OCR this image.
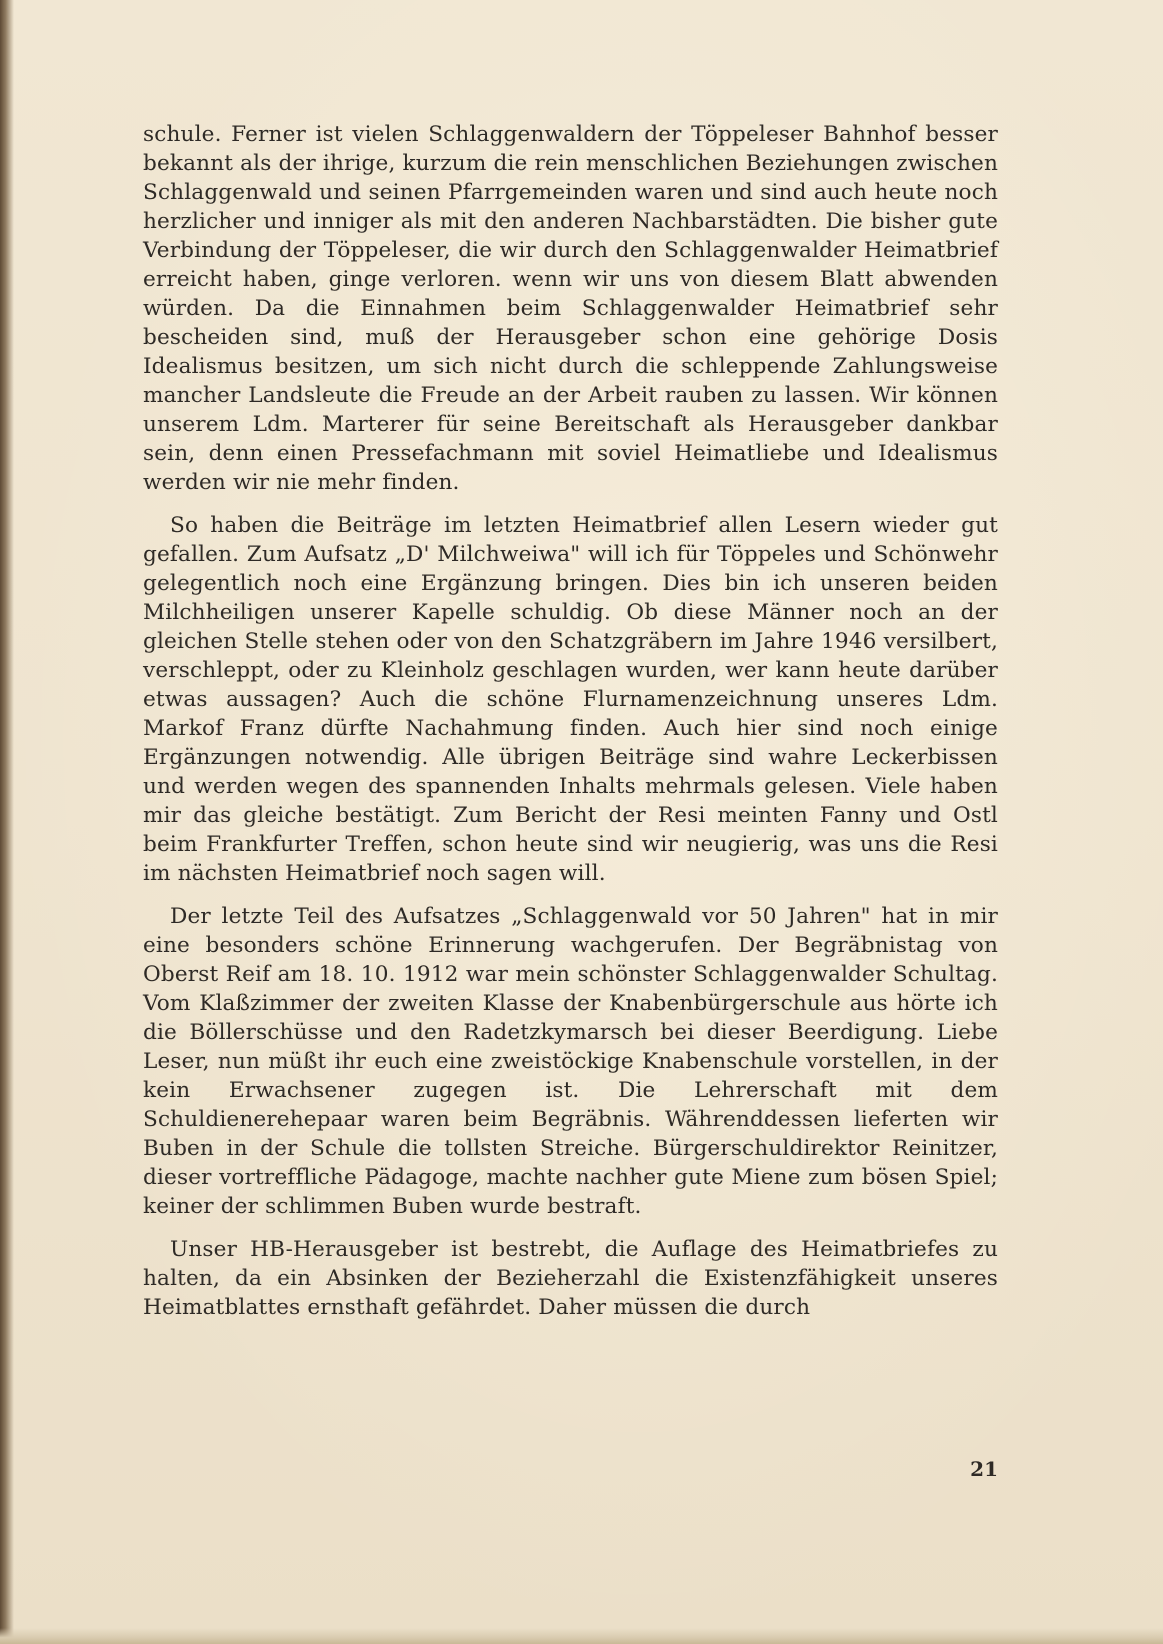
schule. Ferner ist vielen Schlaggenwaldern der Töppeleser Bahnhof besser bekannt als der ihrige, kurzum die rein menschlichen Beziehungen zwischen Schlaggenwald und seinen Pfarrgemeinden waren und sind auch heute noch herzlicher und inniger als mit den anderen Nachbarstädten. Die bisher gute Verbindung der Töppeleser, die wir durch den Schlaggenwalder Heimatbrief erreicht haben, ginge verloren. wenn wir uns von diesem Blatt abwenden würden. Da die Einnahmen beim Schlaggenwalder Heimatbrief sehr bescheiden sind, muß der Herausgeber schon eine gehörige Dosis Idealismus besitzen, um sich nicht durch die schleppende Zahlungsweise mancher Landsleute die Freude an der Arbeit rauben zu lassen. Wir können unserem Ldm. Marterer für seine Bereitschaft als Herausgeber dankbar sein, denn einen Pressefachmann mit soviel Heimatliebe und Idealismus werden wir nie mehr finden.

So haben die Beiträge im letzten Heimatbrief allen Lesern wieder gut gefallen. Zum Aufsatz „D' Milchweiwa" will ich für Töppeles und Schönwehr gelegentlich noch eine Ergänzung bringen. Dies bin ich unseren beiden Milchheiligen unserer Kapelle schuldig. Ob diese Männer noch an der gleichen Stelle stehen oder von den Schatzgräbern im Jahre 1946 versilbert, verschleppt, oder zu Kleinholz geschlagen wurden, wer kann heute darüber etwas aussagen? Auch die schöne Flurnamenzeichnung unseres Ldm. Markof Franz dürfte Nachahmung finden. Auch hier sind noch einige Ergänzungen notwendig. Alle übrigen Beiträge sind wahre Leckerbissen und werden wegen des spannenden Inhalts mehrmals gelesen. Viele haben mir das gleiche bestätigt. Zum Bericht der Resi meinten Fanny und Ostl beim Frankfurter Treffen, schon heute sind wir neugierig, was uns die Resi im nächsten Heimatbrief noch sagen will.

Der letzte Teil des Aufsatzes „Schlaggenwald vor 50 Jahren" hat in mir eine besonders schöne Erinnerung wachgerufen. Der Begräbnistag von Oberst Reif am 18. 10. 1912 war mein schönster Schlaggenwalder Schultag. Vom Klaßzimmer der zweiten Klasse der Knabenbürgerschule aus hörte ich die Böllerschüsse und den Radetzkymarsch bei dieser Beerdigung. Liebe Leser, nun müßt ihr euch eine zweistöckige Knabenschule vorstellen, in der kein Erwachsener zugegen ist. Die Lehrerschaft mit dem Schuldienerehepaar waren beim Begräbnis. Währenddessen lieferten wir Buben in der Schule die tollsten Streiche. Bürgerschuldirektor Reinitzer, dieser vortreffliche Pädagoge, machte nachher gute Miene zum bösen Spiel; keiner der schlimmen Buben wurde bestraft.

Unser HB-Herausgeber ist bestrebt, die Auflage des Heimatbriefes zu halten, da ein Absinken der Bezieherzahl die Existenzfähigkeit unseres Heimatblattes ernsthaft gefährdet. Daher müssen die durch

21
